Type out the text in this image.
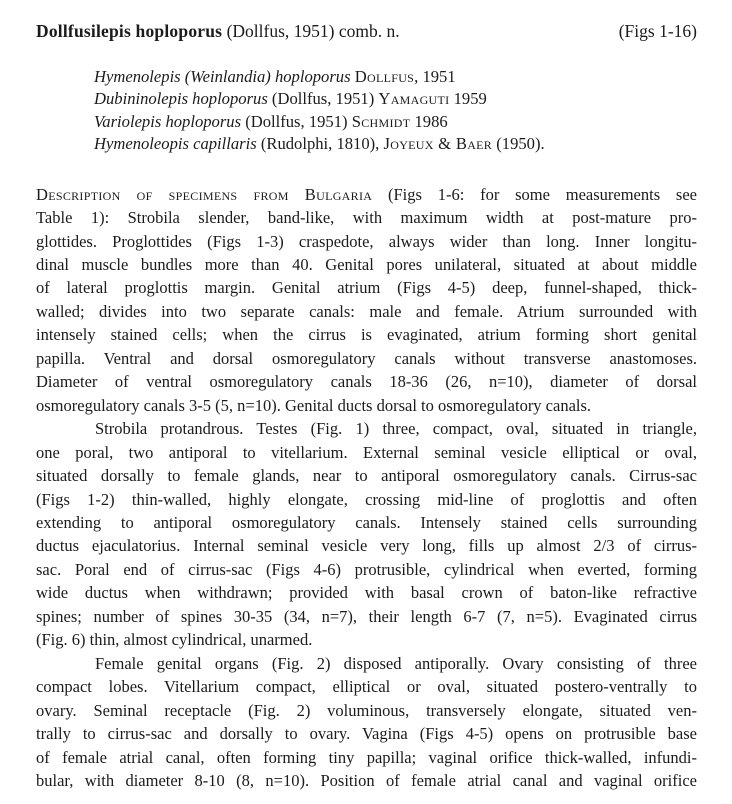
Dollfusilepis hoploporus (Dollfus, 1951) comb. n.	(Figs 1-16)
Hymenolepis (Weinlandia) hoploporus Dollfus, 1951
Dubininolepis hoploporus (Dollfus, 1951) Yamaguti 1959
Variolepis hoploporus (Dollfus, 1951) Schmidt 1986
Hymenoleopis capillaris (Rudolphi, 1810), Joyeux & Baer (1950).
Description of specimens from Bulgaria (Figs 1-6: for some measurements see
Table 1): Strobila slender, band-like, with maximum width at post-mature pro-
glottides. Proglottides (Figs 1-3) craspedote, always wider than long. Inner longitu-
dinal muscle bundles more than 40. Genital pores unilateral, situated at about middle
of lateral proglottis margin. Genital atrium (Figs 4-5) deep, funnel-shaped, thick-
walled; divides into two separate canals: male and female. Atrium surrounded with
intensely stained cells; when the cirrus is evaginated, atrium forming short genital
papilla. Ventral and dorsal osmoregulatory canals without transverse anastomoses.
Diameter of ventral osmoregulatory canals 18-36 (26, n=10), diameter of dorsal
osmoregulatory canals 3-5 (5, n=10). Genital ducts dorsal to osmoregulatory canals.
Strobila protandrous. Testes (Fig. 1) three, compact, oval, situated in triangle,
one poral, two antiporal to vitellarium. External seminal vesicle elliptical or oval,
situated dorsally to female glands, near to antiporal osmoregulatory canals. Cirrus-sac
(Figs 1-2) thin-walled, highly elongate, crossing mid-line of proglottis and often
extending to antiporal osmoregulatory canals. Intensely stained cells surrounding
ductus ejaculatorius. Internal seminal vesicle very long, fills up almost 2/3 of cirrus-
sac. Poral end of cirrus-sac (Figs 4-6) protrusible, cylindrical when everted, forming
wide ductus when withdrawn; provided with basal crown of baton-like refractive
spines; number of spines 30-35 (34, n=7), their length 6-7 (7, n=5). Evaginated cirrus
(Fig. 6) thin, almost cylindrical, unarmed.
Female genital organs (Fig. 2) disposed antiporally. Ovary consisting of three
compact lobes. Vitellarium compact, elliptical or oval, situated postero-ventrally to
ovary. Seminal receptacle (Fig. 2) voluminous, transversely elongate, situated ven-
trally to cirrus-sac and dorsally to ovary. Vagina (Figs 4-5) opens on protrusible base
of female atrial canal, often forming tiny papilla; vaginal orifice thick-walled, infundi-
bular, with diameter 8-10 (8, n=10). Position of female atrial canal and vaginal orifice
